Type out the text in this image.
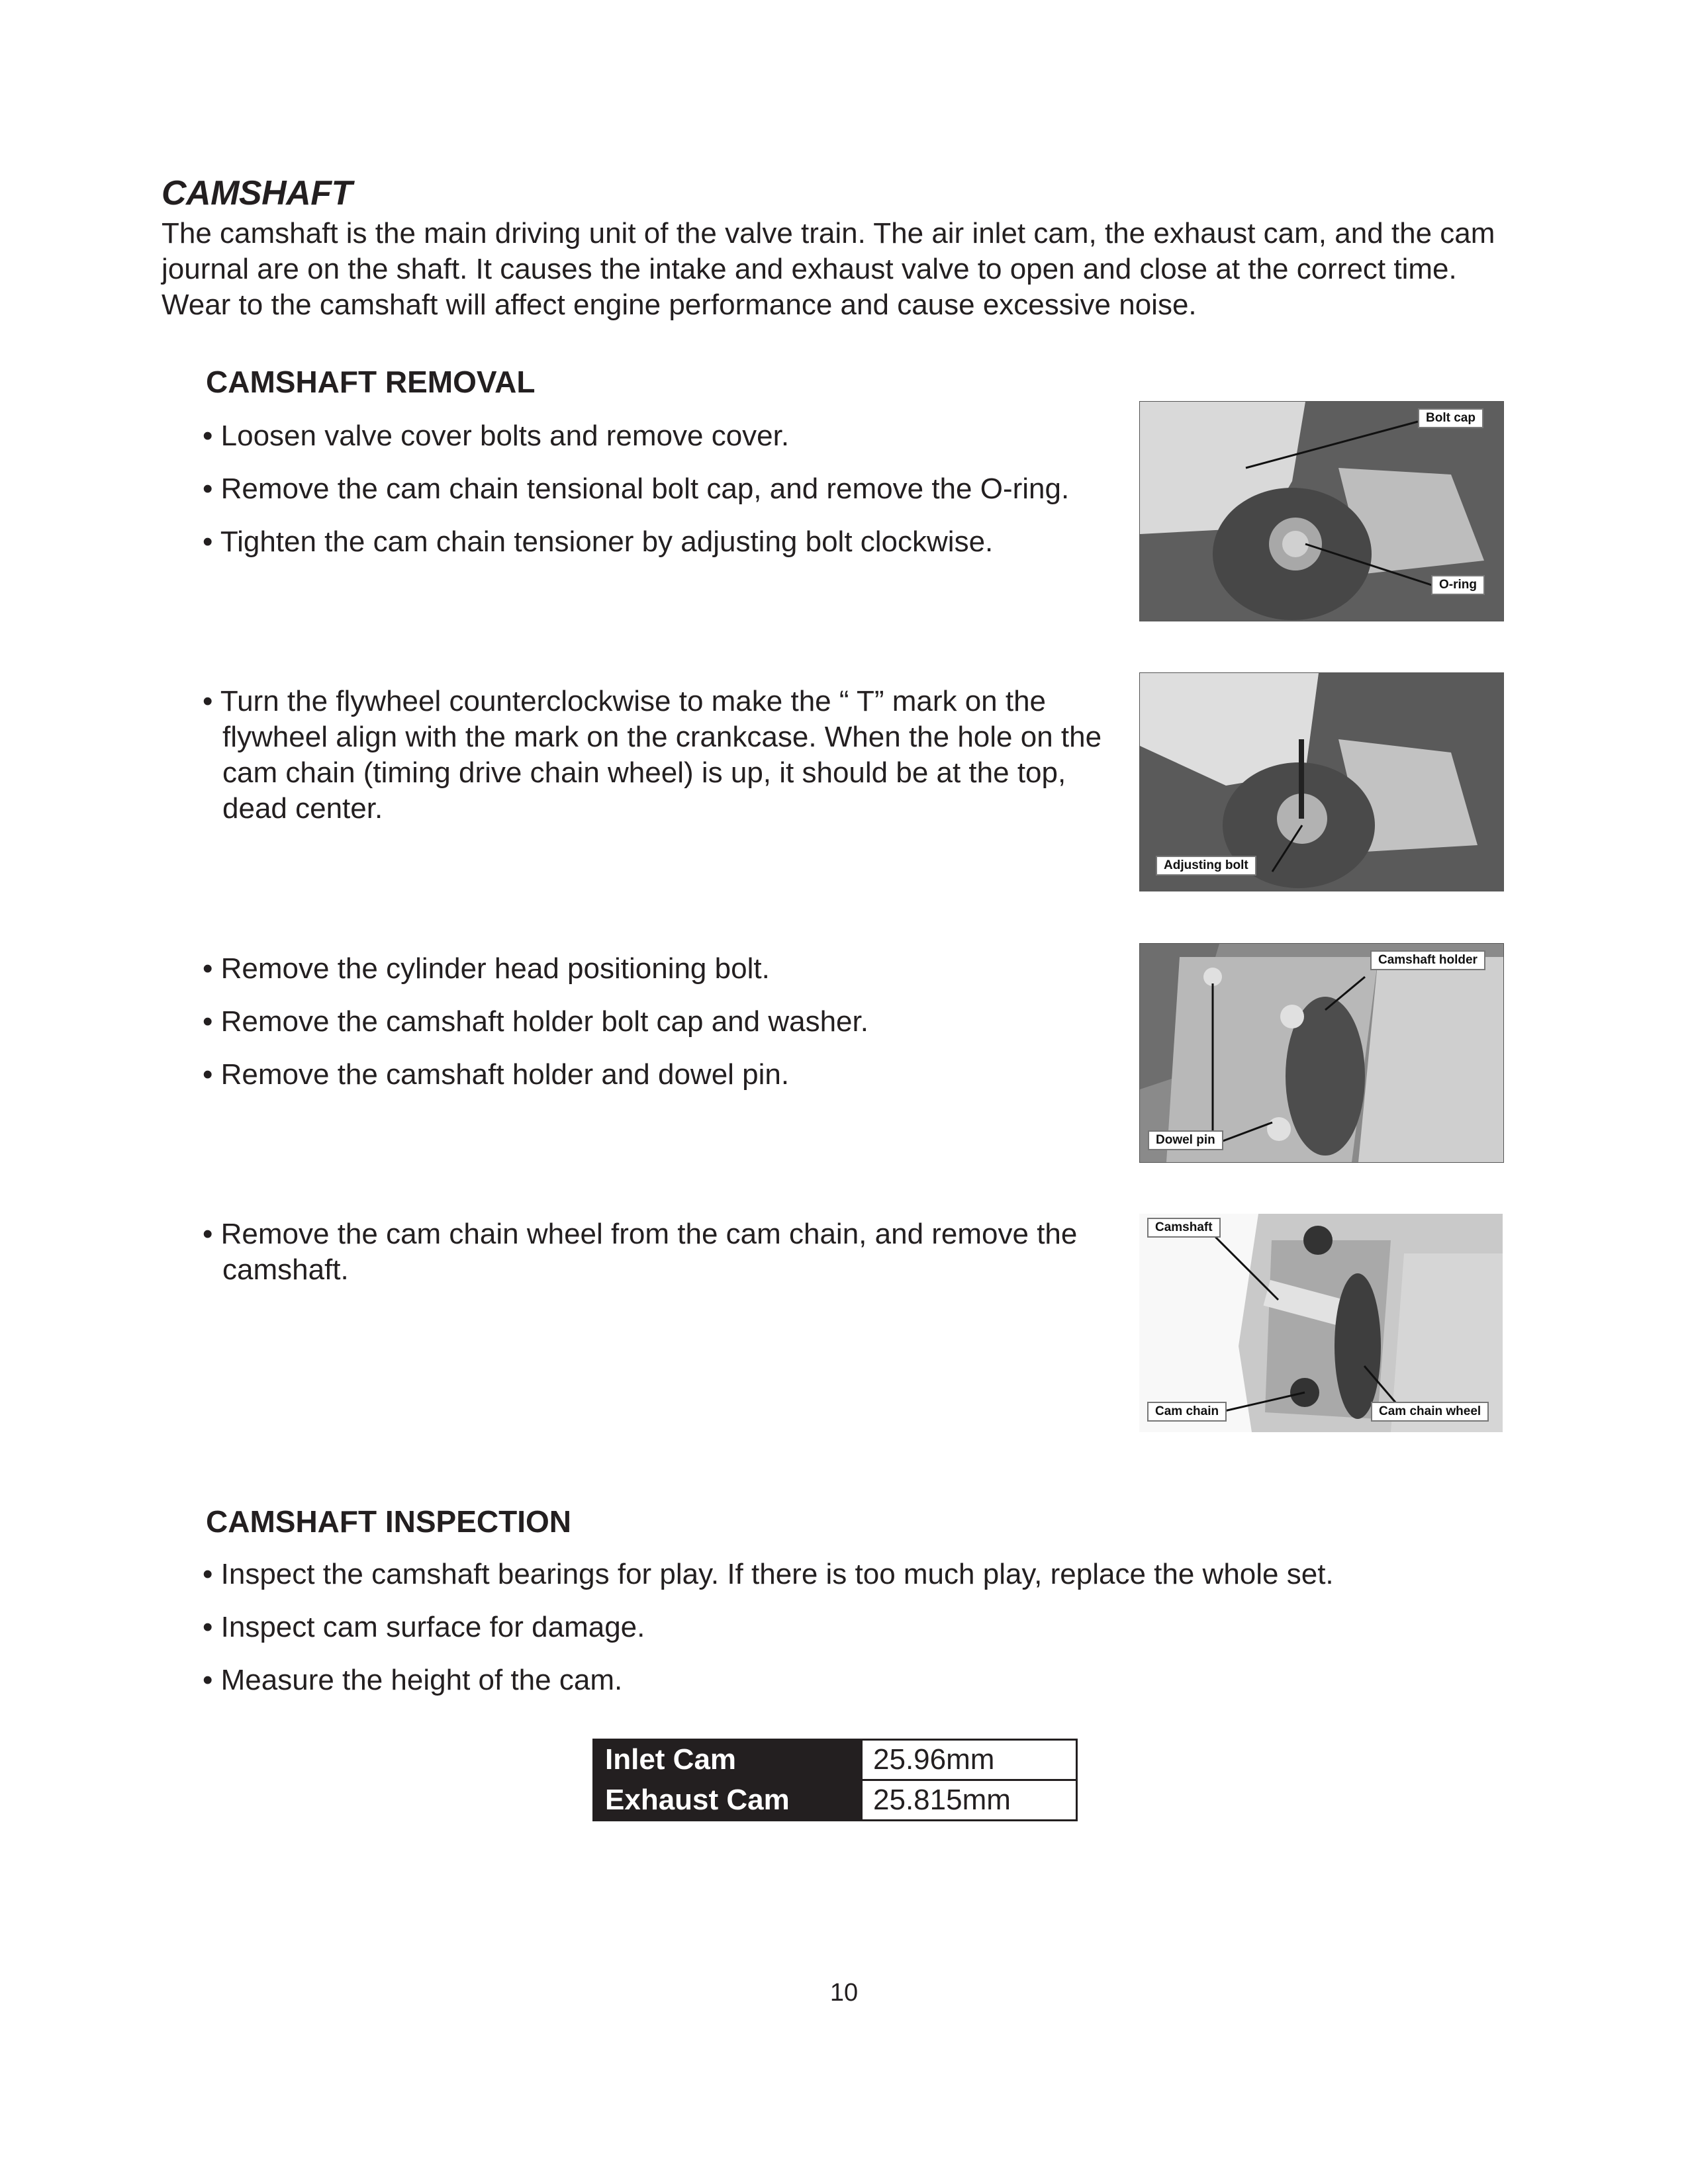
CAMSHAFT
The camshaft is the main driving unit of the valve train. The air inlet cam, the exhaust cam, and the cam
journal are on the shaft. It causes the intake and exhaust valve to open and close at the correct time.
Wear to the camshaft will affect engine performance and cause excessive noise.
CAMSHAFT REMOVAL
• Loosen valve cover bolts and remove cover.
• Remove the cam chain tensional bolt cap, and remove the O-ring.
• Tighten the cam chain tensioner by adjusting bolt clockwise.
Bolt cap
O-ring
• Turn the flywheel counterclockwise to make the “ T” mark on the flywheel align with the mark on the crankcase. When the hole on the cam chain (timing drive chain wheel) is up, it should be at the top, dead center.
Adjusting bolt
• Remove the cylinder head positioning bolt.
• Remove the camshaft holder bolt cap and washer.
• Remove the camshaft holder and dowel pin.
Camshaft holder
Dowel pin
• Remove the cam chain wheel from the cam chain, and remove the camshaft.
Camshaft
Cam chain	Cam chain wheel
CAMSHAFT INSPECTION
• Inspect the camshaft bearings for play. If there is too much play, replace the whole set.
• Inspect cam surface for damage.
• Measure the height of the cam.
Inlet Cam	25.96mm
Exhaust Cam	25.815mm
10
